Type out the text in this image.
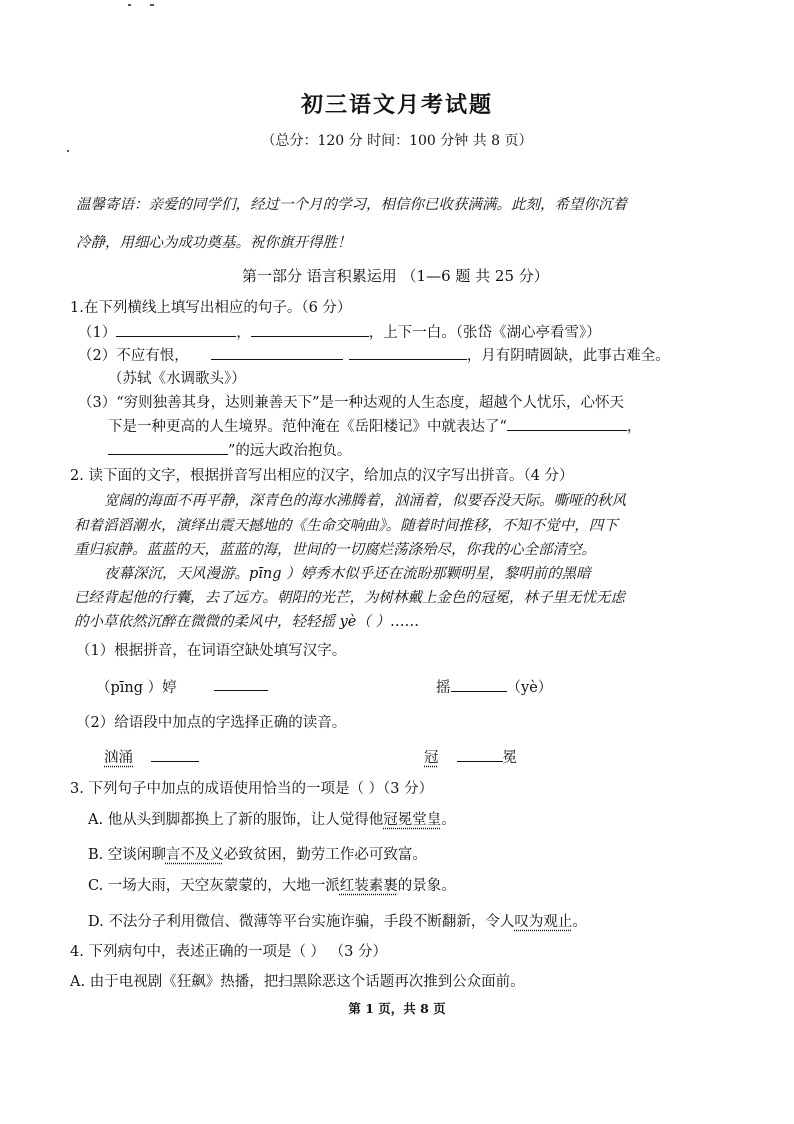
初三语文月考试题
（总分：120 分 时间：100 分钟 共 8 页）
温馨寄语：亲爱的同学们，经过一个月的学习，相信你已收获满满。此刻，希望你沉着
冷静，用细心为成功奠基。祝你旗开得胜！
第一部分 语言积累运用 （1—6 题 共 25 分）
1.在下列横线上填写出相应的句子。（6 分）
（1）	，	，上下一白。（张岱《湖心亭看雪》）
（2）不应有恨，	，月有阴晴圆缺，此事古难全。
（苏轼《水调歌头》）
（3）“穷则独善其身，达则兼善天下”是一种达观的人生态度，超越个人忧乐，心怀天
下是一种更高的人生境界。范仲淹在《岳阳楼记》中就表达了“	，
”的远大政治抱负。
2. 读下面的文字，根据拼音写出相应的汉字，给加点的汉字写出拼音。（4 分）
宽阔的海面不再平静，深青色的海水沸腾着，汹涌着，似要吞没天际。嘶哑的秋风
和着滔滔潮水，演绎出震天撼地的《生命交响曲》。随着时间推移，不知不觉中，四下
重归寂静。蓝蓝的天，蓝蓝的海，世间的一切腐烂荡涤殆尽，你我的心全部清空。
夜幕深沉，天风漫游。pīng ）婷秀木似乎还在流盼那颗明星，黎明前的黑暗
已经背起他的行囊，去了远方。朝阳的光芒，为树林戴上金色的冠冕，林子里无忧无虑
的小草依然沉醉在微微的柔风中，轻轻摇 yè（ ）……
（1）根据拼音，在词语空缺处填写汉字。
（pīng ）婷	摇	（yè）
（2）给语段中加点的字选择正确的读音。
汹涌	冠	冕
3. 下列句子中加点的成语使用恰当的一项是（ ）（3 分）
A. 他从头到脚都换上了新的服饰，让人觉得他冠冕堂皇。
B. 空谈闲聊言不及义必致贫困，勤劳工作必可致富。
C. 一场大雨，天空灰蒙蒙的，大地一派红装素裹的景象。
D. 不法分子利用微信、微薄等平台实施诈骗，手段不断翻新，令人叹为观止。
4. 下列病句中，表述正确的一项是（ ） （3 分）
A. 由于电视剧《狂飙》热播，把扫黑除恶这个话题再次推到公众面前。
第 1 页，共 8 页
